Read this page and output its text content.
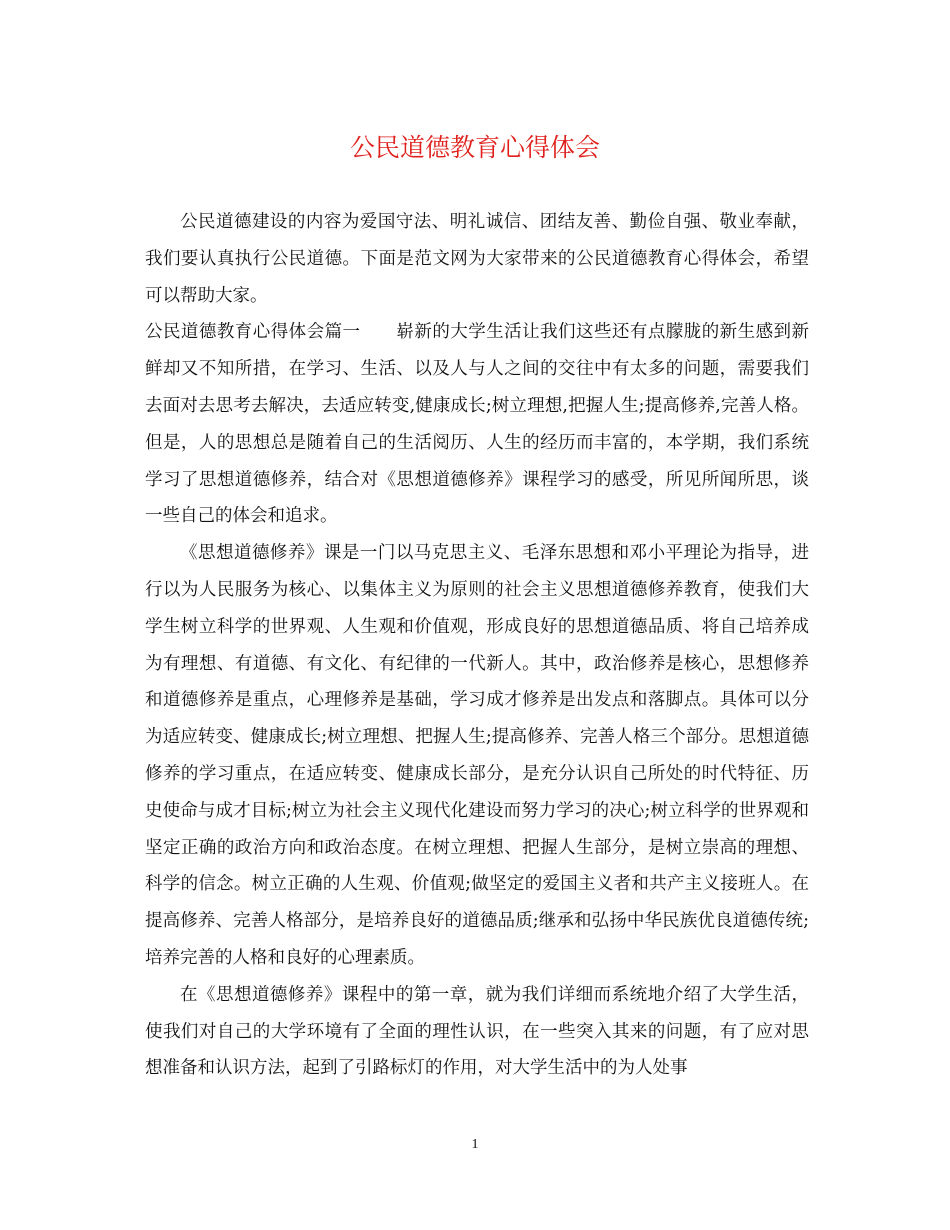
公民道德教育心得体会

公民道德建设的内容为爱国守法、明礼诚信、团结友善、勤俭自强、敬业奉献，我们要认真执行公民道德。下面是范文网为大家带来的公民道德教育心得体会，希望可以帮助大家。

公民道德教育心得体会篇一　　崭新的大学生活让我们这些还有点朦胧的新生感到新鲜却又不知所措，在学习、生活、以及人与人之间的交往中有太多的问题，需要我们去面对去思考去解决，去适应转变,健康成长;树立理想,把握人生;提高修养,完善人格。但是，人的思想总是随着自己的生活阅历、人生的经历而丰富的，本学期，我们系统学习了思想道德修养，结合对《思想道德修养》课程学习的感受，所见所闻所思，谈一些自己的体会和追求。

《思想道德修养》课是一门以马克思主义、毛泽东思想和邓小平理论为指导，进行以为人民服务为核心、以集体主义为原则的社会主义思想道德修养教育，使我们大学生树立科学的世界观、人生观和价值观，形成良好的思想道德品质、将自己培养成为有理想、有道德、有文化、有纪律的一代新人。其中，政治修养是核心，思想修养和道德修养是重点，心理修养是基础，学习成才修养是出发点和落脚点。具体可以分为适应转变、健康成长;树立理想、把握人生;提高修养、完善人格三个部分。思想道德修养的学习重点，在适应转变、健康成长部分，是充分认识自己所处的时代特征、历史使命与成才目标;树立为社会主义现代化建设而努力学习的决心;树立科学的世界观和坚定正确的政治方向和政治态度。在树立理想、把握人生部分，是树立崇高的理想、科学的信念。树立正确的人生观、价值观;做坚定的爱国主义者和共产主义接班人。在提高修养、完善人格部分，是培养良好的道德品质;继承和弘扬中华民族优良道德传统;培养完善的人格和良好的心理素质。

在《思想道德修养》课程中的第一章，就为我们详细而系统地介绍了大学生活，使我们对自己的大学环境有了全面的理性认识，在一些突入其来的问题，有了应对思想准备和认识方法，起到了引路标灯的作用，对大学生活中的为人处事

1
